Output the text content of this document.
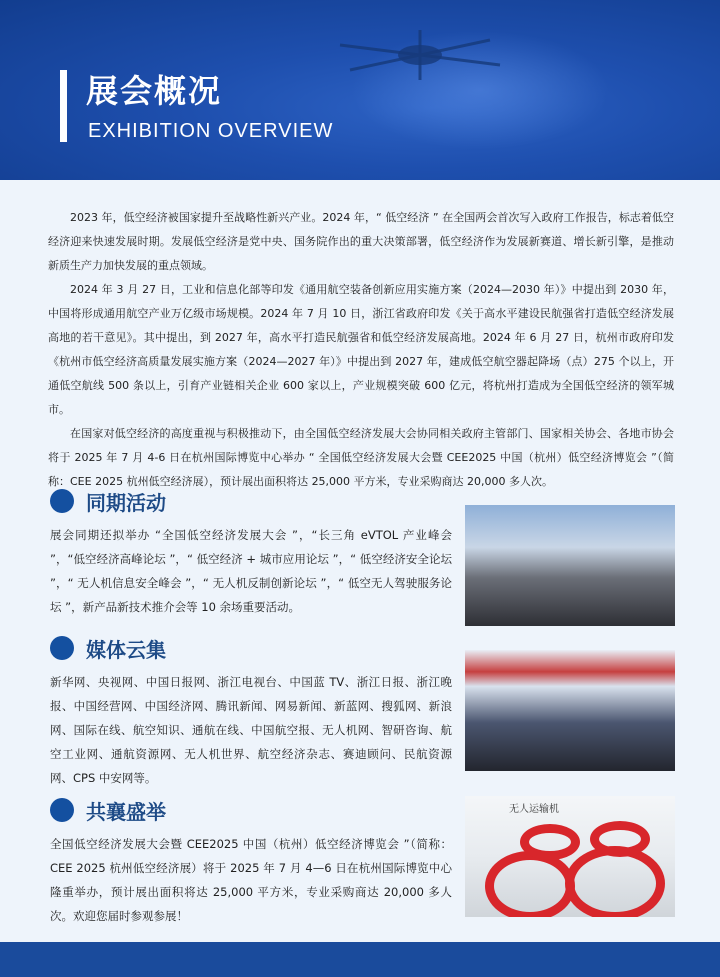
展会概况
EXHIBITION OVERVIEW

2023 年，低空经济被国家提升至战略性新兴产业。2024 年，“ 低空经济 ” 在全国两会首次写入政府工作报告，标志着低空经济迎来快速发展时期。发展低空经济是党中央、国务院作出的重大决策部署，低空经济作为发展新赛道、增长新引擎，是推动新质生产力加快发展的重点领域。

2024 年 3 月 27 日，工业和信息化部等印发《通用航空装备创新应用实施方案（2024—2030 年）》中提出到 2030 年，中国将形成通用航空产业万亿级市场规模。2024 年 7 月 10 日，浙江省政府印发《关于高水平建设民航强省打造低空经济发展高地的若干意见》。其中提出，到 2027 年，高水平打造民航强省和低空经济发展高地。2024 年 6 月 27 日，杭州市政府印发《杭州市低空经济高质量发展实施方案（2024—2027 年）》中提出到 2027 年，建成低空航空器起降场（点）275 个以上，开通低空航线 500 条以上，引育产业链相关企业 600 家以上，产业规模突破 600 亿元，将杭州打造成为全国低空经济的领军城市。

在国家对低空经济的高度重视与积极推动下，由全国低空经济发展大会协同相关政府主管部门、国家相关协会、各地市协会将于 2025 年 7 月 4-6 日在杭州国际博览中心举办 “ 全国低空经济发展大会暨 CEE2025 中国（杭州）低空经济博览会 ”（简称：CEE 2025 杭州低空经济展），预计展出面积将达 25,000 平方米，专业采购商达 20,000 多人次。

同期活动
展会同期还拟举办 “全国低空经济发展大会 ”，“长三角 eVTOL 产业峰会 ”，“低空经济高峰论坛 ”，“ 低空经济 + 城市应用论坛 ”，“ 低空经济安全论坛 ”，“ 无人机信息安全峰会 ”，“ 无人机反制创新论坛 ”，“ 低空无人驾驶服务论坛 ”，新产品新技术推介会等 10 余场重要活动。
媒体云集
新华网、央视网、中国日报网、浙江电视台、中国蓝 TV、浙江日报、浙江晚报、中国经营网、中国经济网、腾讯新闻、网易新闻、新蓝网、搜狐网、新浪网、国际在线、航空知识、通航在线、中国航空报、无人机网、智研咨询、航空工业网、通航资源网、无人机世界、航空经济杂志、赛迪顾问、民航资源网、CPS 中安网等。
共襄盛举
全国低空经济发展大会暨 CEE2025 中国（杭州）低空经济博览会 ”（简称：CEE 2025 杭州低空经济展）将于 2025 年 7 月 4—6 日在杭州国际博览中心隆重举办，预计展出面积将达 25,000 平方米，专业采购商达 20,000 多人次。欢迎您届时参观参展！
无人运输机
